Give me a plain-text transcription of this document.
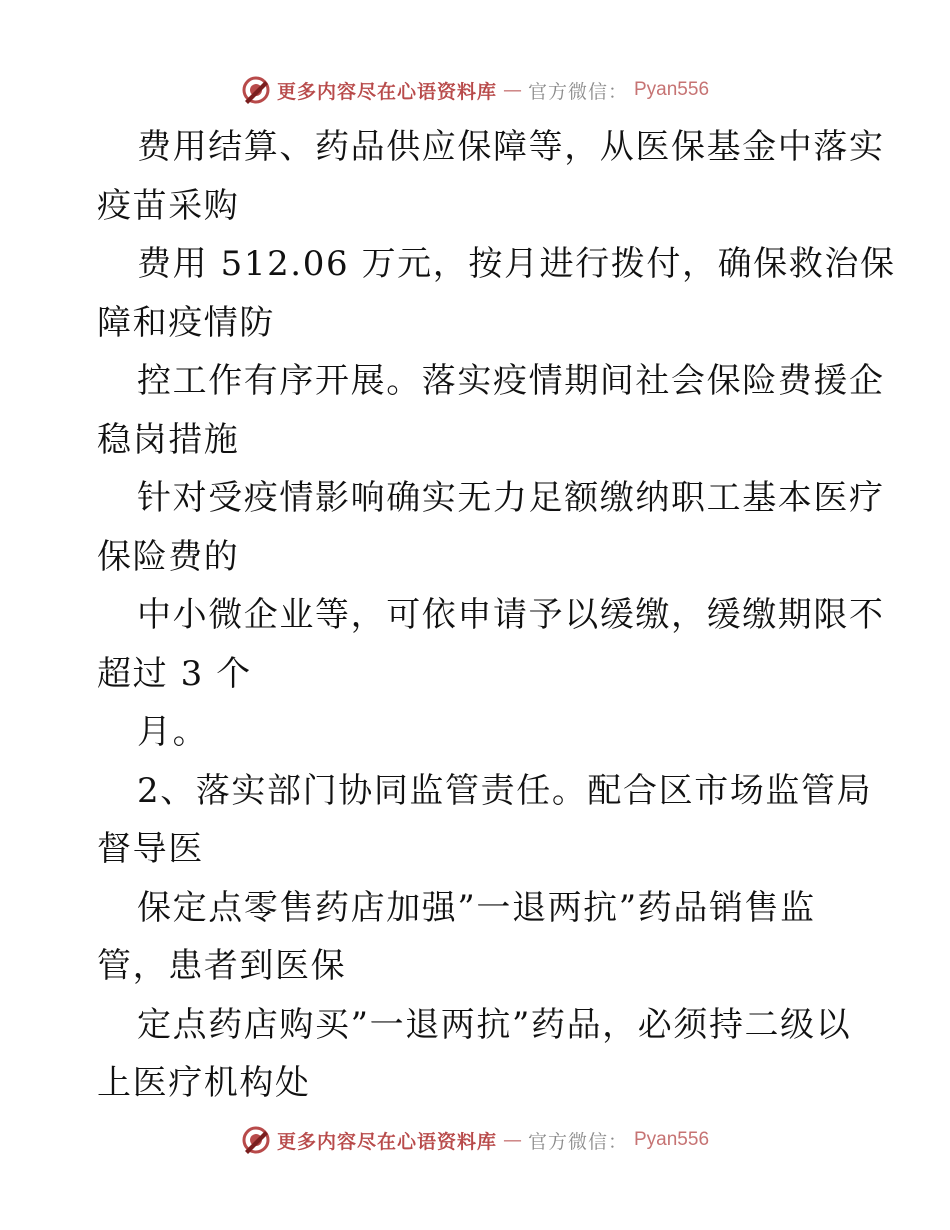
更多内容尽在心语资料库 — 官方微信： Pyan556
费用结算、药品供应保障等，从医保基金中落实
疫苗采购
费用 512.06 万元，按月进行拨付，确保救治保
障和疫情防
控工作有序开展。落实疫情期间社会保险费援企
稳岗措施
针对受疫情影响确实无力足额缴纳职工基本医疗
保险费的
中小微企业等，可依申请予以缓缴，缓缴期限不
超过 3 个
月。
2、落实部门协同监管责任。配合区市场监管局
督导医
保定点零售药店加强”一退两抗”药品销售监
管，患者到医保
定点药店购买”一退两抗”药品，必须持二级以
上医疗机构处
更多内容尽在心语资料库 — 官方微信： Pyan556
